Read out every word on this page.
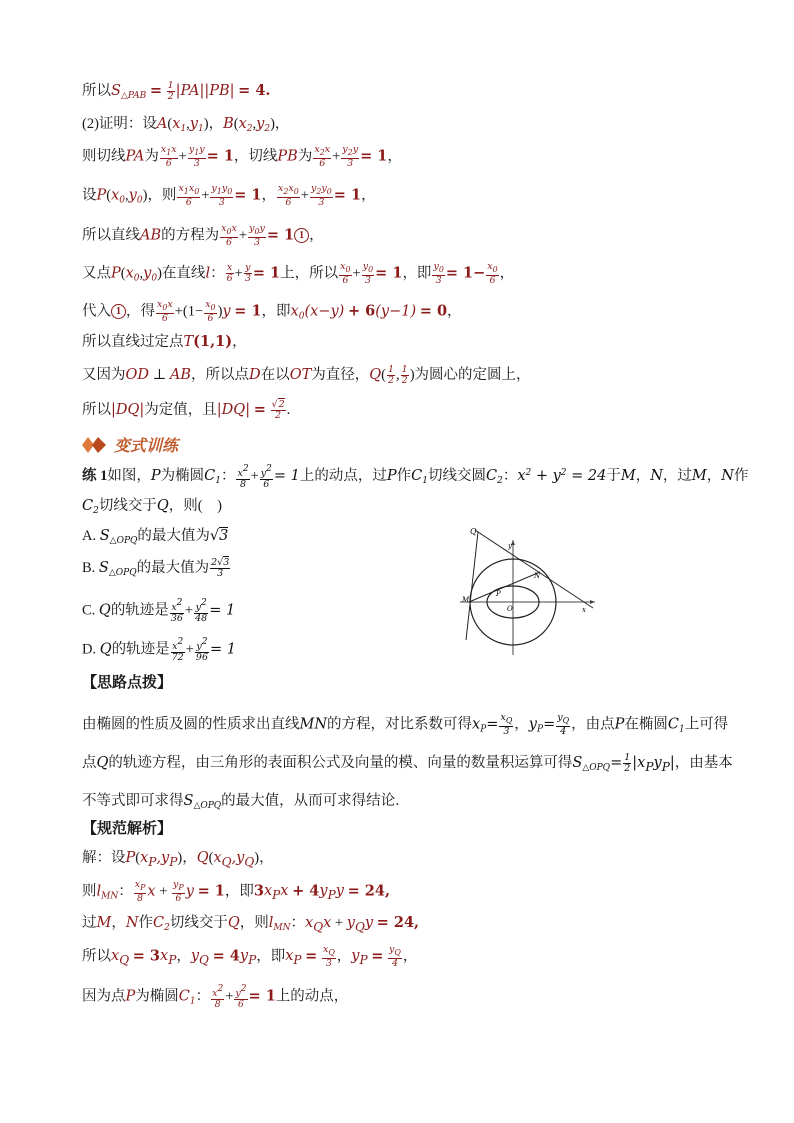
所以$S_{\triangle PAB} = \frac{1}{2} |PA||PB| = 4$.
(2)证明：设$A(x_1,y_1)$，$B(x_2,y_2)$，
则切线PA为 $\frac{x_1x}{6} + \frac{y_1y}{3} = 1$，切线PB为 $\frac{x_2x}{6} + \frac{y_2y}{3} = 1$，
设$P(x_0,y_0)$，则 $\frac{x_1x_0}{6} + \frac{y_1y_0}{3} = 1$， $\frac{x_2x_0}{6} + \frac{y_2y_0}{3} = 1$，
所以直线AB的方程为 $\frac{x_0x}{6} + \frac{y_0y}{3} = 1$ 1 ，
又点$P(x_0,y_0)$在直线l： $\frac{x}{6} + \frac{y}{3} = 1$上，所以 $\frac{x_0}{6} + \frac{y_0}{3} = 1$，即 $\frac{y_0}{3} = 1- \frac{x_0}{6}$ ，
代入 1 ，得 $\frac{x_0x}{6} +(1- \frac{x_0}{6} )y = 1$，即$x_0(x-y) + 6(y-1) = 0$，
所以直线过定点T(1,1)，
又因为OD ⊥ AB，所以点D在以OT为直径，$Q( \frac{1}{2}$ , $\frac{1}{2}$ )为圆心的定圆上，
所以|DQ|为定值，且$|DQ| = \frac{√2}{2}$ .
变式训练
练 1如图，P为椭圆$C_1$： $\frac{x^2}{8} + \frac{y^2}{6} = 1$上的动点，过P作$C_1$切线交圆$C_2$：$x^2 + y^2 = 24$于M，N，过M，N作
$C_2$切线交于Q，则(　)
A. $S_{\triangle OPQ}$的最大值为√3
B. $S_{\triangle OPQ}$的最大值为 $\frac{2√3}{3}$
C. Q的轨迹是 $\frac{x^2}{36} + \frac{y^2}{48} = 1$
D. Q的轨迹是 $\frac{x^2}{72} + \frac{y^2}{96} = 1$
Q
y
N
M
P
O	x
【思路点拨】
由椭圆的性质及圆的性质求出直线MN的方程，对比系数可得$x_P= \frac{x_Q}{3}$ ，$y_P= \frac{y_Q}{4}$ ，由点P在椭圆$C_1$上可得
点Q的轨迹方程，由三角形的表面积公式及向量的模、向量的数量积运算可得$S_{\triangle OPQ}= \frac{1}{2} |x_Py_P|$，由基本
不等式即可求得$S_{\triangle OPQ}$的最大值，从而可求得结论．
【规范解析】
解：设$P(x_P,y_P)$，$Q(x_Q,y_Q)$，
则$l_{MN}$： $\frac{x_P}{8}$ $x + \frac{y_P}{6}$ y = 1，即$3x_Px + 4y_Py = 24$,
过M，N作$C_2$切线交于Q，则$l_{MN}$：$x_Qx + y_Qy = 24$,
所以$x_Q = 3x_P$，$y_Q = 4y_P$，即$x_P = \frac{x_Q}{3}$ ，$y_P = \frac{y_Q}{4}$ ，
因为点P为椭圆$C_1$： $\frac{x^2}{8} + \frac{y^2}{6} = 1$上的动点，
